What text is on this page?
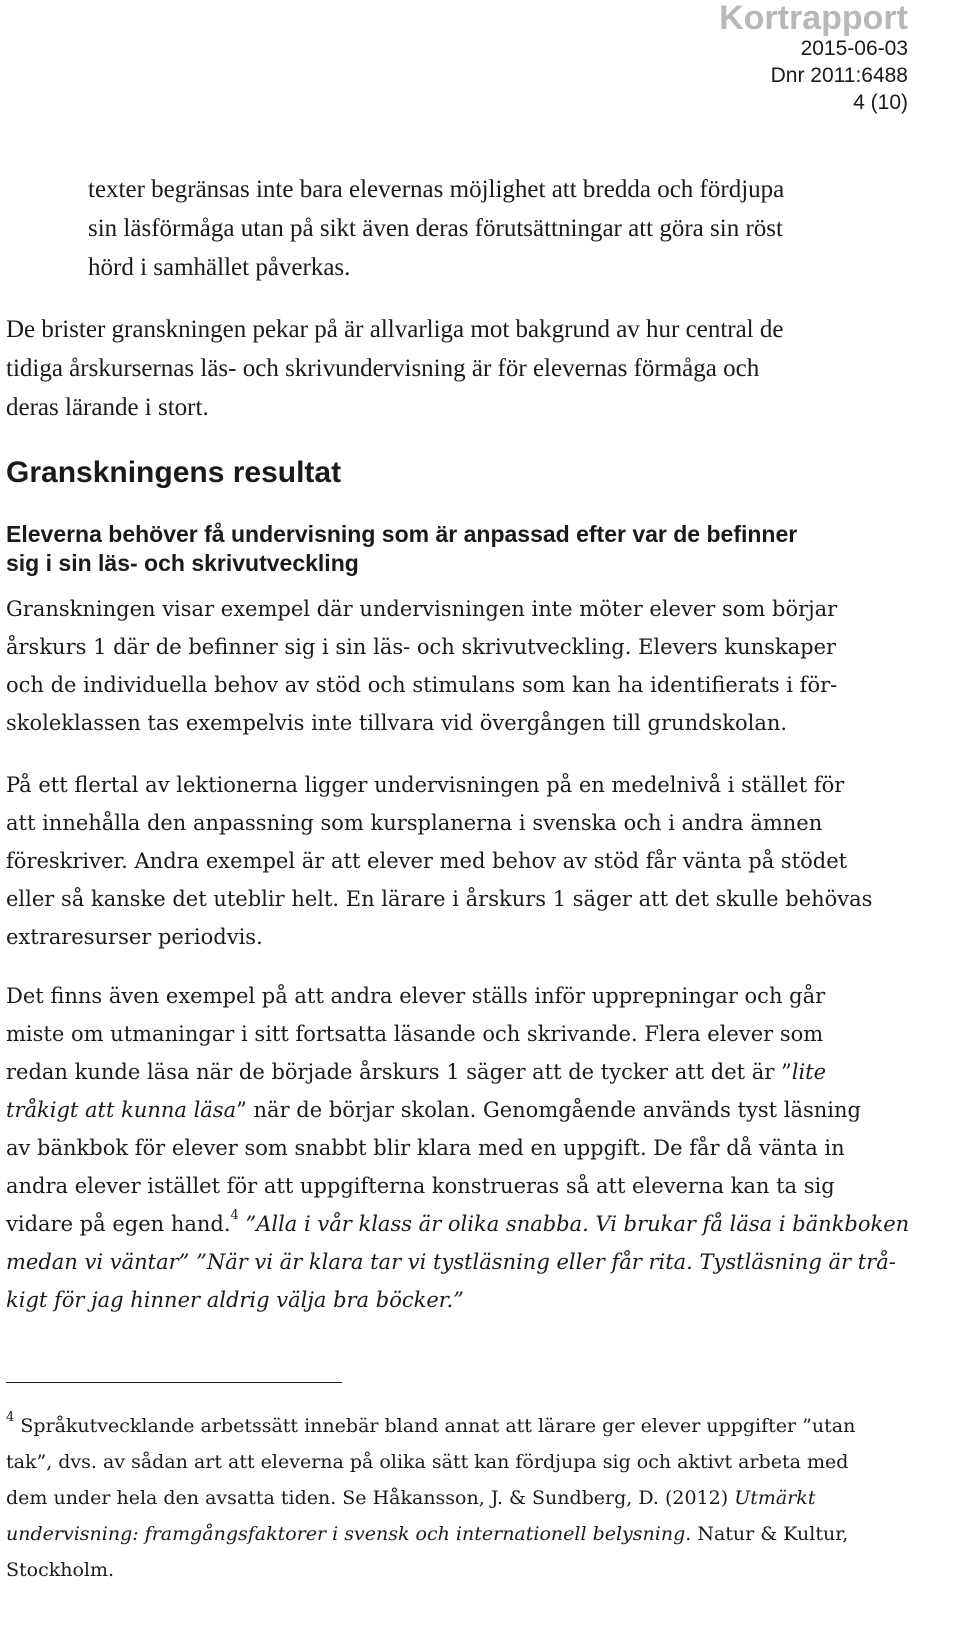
Kortrapport
2015-06-03
Dnr 2011:6488
4 (10)

texter begränsas inte bara elevernas möjlighet att bredda och fördjupa

sin läsförmåga utan på sikt även deras förutsättningar att göra sin röst

hörd i samhället påverkas.

De brister granskningen pekar på är allvarliga mot bakgrund av hur central de

tidiga årskursernas läs- och skrivundervisning är för elevernas förmåga och

deras lärande i stort.

Granskningens resultat

Eleverna behöver få undervisning som är anpassad efter var de befinner

sig i sin läs- och skrivutveckling

Granskningen visar exempel där undervisningen inte möter elever som börjar

årskurs 1 där de befinner sig i sin läs- och skrivutveckling. Elevers kunskaper

och de individuella behov av stöd och stimulans som kan ha identifierats i för-

skoleklassen tas exempelvis inte tillvara vid övergången till grundskolan.

På ett flertal av lektionerna ligger undervisningen på en medelnivå i stället för

att innehålla den anpassning som kursplanerna i svenska och i andra ämnen

föreskriver. Andra exempel är att elever med behov av stöd får vänta på stödet

eller så kanske det uteblir helt. En lärare i årskurs 1 säger att det skulle behövas

extraresurser periodvis.

Det finns även exempel på att andra elever ställs inför upprepningar och går

miste om utmaningar i sitt fortsatta läsande och skrivande. Flera elever som

redan kunde läsa när de började årskurs 1 säger att de tycker att det är ”lite

tråkigt att kunna läsa” när de börjar skolan. Genomgående används tyst läsning

av bänkbok för elever som snabbt blir klara med en uppgift. De får då vänta in

andra elever istället för att uppgifterna konstrueras så att eleverna kan ta sig

vidare på egen hand.$^4$ ”Alla i vår klass är olika snabba. Vi brukar få läsa i bänkboken

medan vi väntar” ”När vi är klara tar vi tystläsning eller får rita. Tystläsning är trå-

kigt för jag hinner aldrig välja bra böcker.”

$^4$ Språkutvecklande arbetssätt innebär bland annat att lärare ger elever uppgifter ”utan

tak”, dvs. av sådan art att eleverna på olika sätt kan fördjupa sig och aktivt arbeta med

dem under hela den avsatta tiden. Se Håkansson, J. & Sundberg, D. (2012) Utmärkt

undervisning: framgångsfaktorer i svensk och internationell belysning. Natur & Kultur,

Stockholm.
